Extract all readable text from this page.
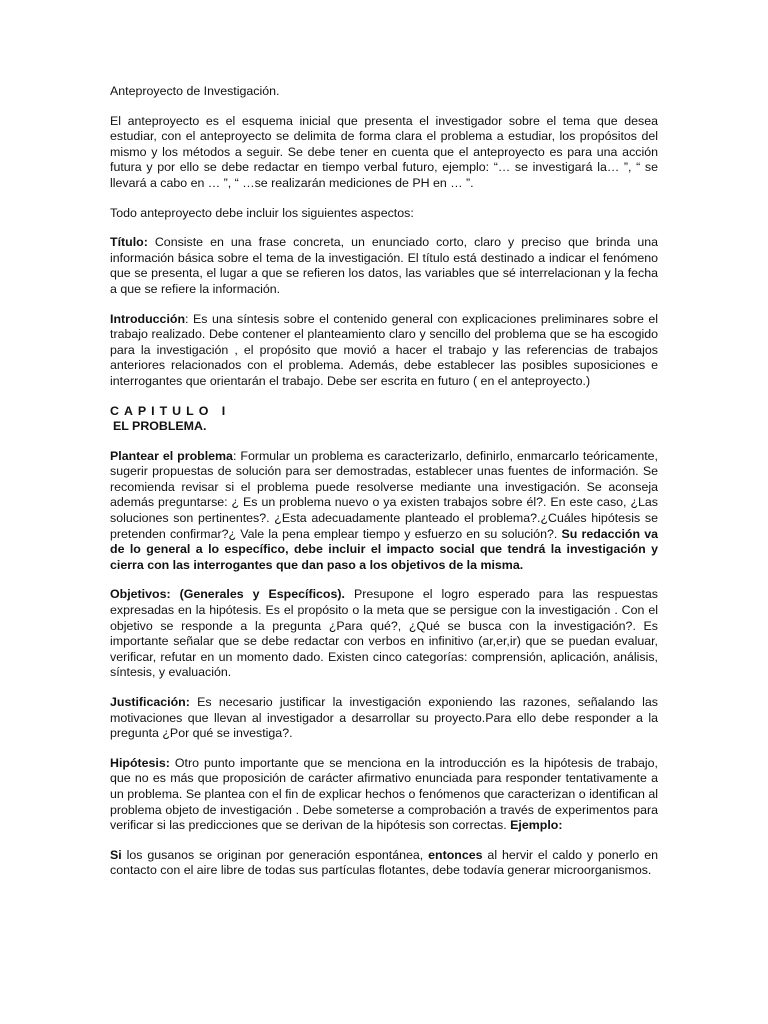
Anteproyecto de Investigación.

El anteproyecto es el esquema inicial que presenta el investigador sobre el tema que desea estudiar, con el anteproyecto se delimita de forma clara el problema a estudiar, los propósitos del mismo y los métodos a seguir. Se debe tener en cuenta que el anteproyecto es para una acción futura y por ello se debe redactar en tiempo verbal futuro, ejemplo: “… se investigará la… ”, “ se llevará a cabo en … ”, “ …se realizarán mediciones de PH en … ”.

Todo anteproyecto debe incluir los siguientes aspectos:

Título: Consiste en una frase concreta, un enunciado corto, claro y preciso que brinda una información básica sobre el tema de la investigación. El título está destinado a indicar el fenómeno que se presenta, el lugar a que se refieren los datos, las variables que sé interrelacionan y la fecha a que se refiere la información.

Introducción: Es una síntesis sobre el contenido general con explicaciones preliminares sobre el trabajo realizado. Debe contener el planteamiento claro y sencillo del problema que se ha escogido para la investigación , el propósito que movió a hacer el trabajo y las referencias de trabajos anteriores relacionados con el problema. Además, debe establecer las posibles suposiciones e interrogantes que orientarán el trabajo. Debe ser escrita en futuro ( en el anteproyecto.)

CAPITULO I
EL PROBLEMA.

Plantear el problema: Formular un problema es caracterizarlo, definirlo, enmarcarlo teóricamente, sugerir propuestas de solución para ser demostradas, establecer unas fuentes de información. Se recomienda revisar si el problema puede resolverse mediante una investigación. Se aconseja además preguntarse: ¿ Es un problema nuevo o ya existen trabajos sobre él?. En este caso, ¿Las soluciones son pertinentes?. ¿Esta adecuadamente planteado el problema?.¿Cuáles hipótesis se pretenden confirmar?¿ Vale la pena emplear tiempo y esfuerzo en su solución?. Su redacción va de lo general a lo específico, debe incluir el impacto social que tendrá la investigación y cierra con las interrogantes que dan paso a los objetivos de la misma.

Objetivos: (Generales y Específicos). Presupone el logro esperado para las respuestas expresadas en la hipótesis. Es el propósito o la meta que se persigue con la investigación . Con el objetivo se responde a la pregunta ¿Para qué?, ¿Qué se busca con la investigación?. Es importante señalar que se debe redactar con verbos en infinitivo (ar,er,ir) que se puedan evaluar, verificar, refutar en un momento dado. Existen cinco categorías: comprensión, aplicación, análisis, síntesis, y evaluación.

Justificación: Es necesario justificar la investigación exponiendo las razones, señalando las motivaciones que llevan al investigador a desarrollar su proyecto.Para ello debe responder a la pregunta ¿Por qué se investiga?.

Hipótesis: Otro punto importante que se menciona en la introducción es la hipótesis de trabajo, que no es más que proposición de carácter afirmativo enunciada para responder tentativamente a un problema. Se plantea con el fin de explicar hechos o fenómenos que caracterizan o identifican al problema objeto de investigación . Debe someterse a comprobación a través de experimentos para verificar si las predicciones que se derivan de la hipótesis son correctas. Ejemplo:

Si los gusanos se originan por generación espontánea, entonces al hervir el caldo y ponerlo en contacto con el aire libre de todas sus partículas flotantes, debe todavía generar microorganismos.
